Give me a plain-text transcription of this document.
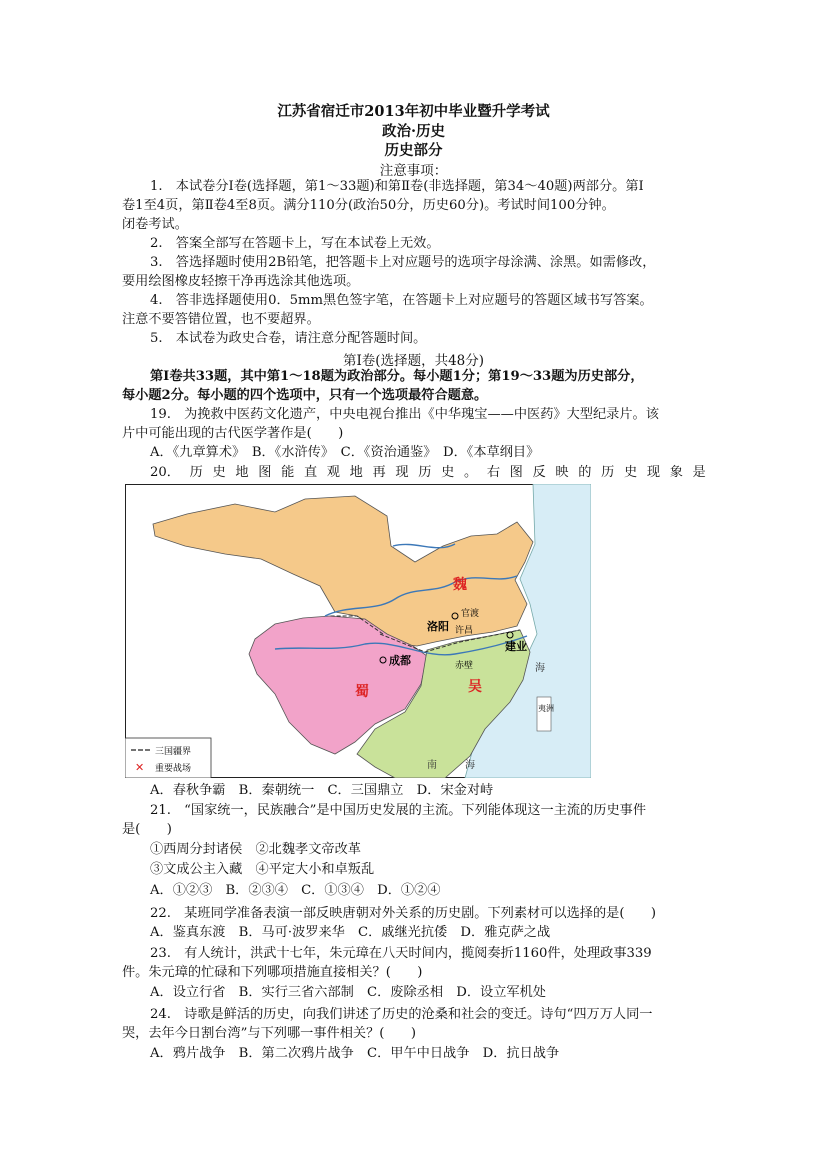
江苏省宿迁市2013年初中毕业暨升学考试
政治·历史
历史部分
注意事项：
1.　本试卷分Ⅰ卷(选择题，第1～33题)和第Ⅱ卷(非选择题，第34～40题)两部分。第Ⅰ
卷1至4页，第Ⅱ卷4至8页。满分110分(政治50分，历史60分)。考试时间100分钟。
闭卷考试。
2.　答案全部写在答题卡上，写在本试卷上无效。
3.　答选择题时使用2B铅笔，把答题卡上对应题号的选项字母涂满、涂黑。如需修改，
要用绘图橡皮轻擦干净再选涂其他选项。
4.　答非选择题使用0．5mm黑色签字笔，在答题卡上对应题号的答题区域书写答案。
注意不要答错位置，也不要超界。
5.　本试卷为政史合卷，请注意分配答题时间。
第Ⅰ卷(选择题，共48分)
第Ⅰ卷共33题，其中第1～18题为政治部分。每小题1分；第19～33题为历史部分，
每小题2分。每小题的四个选项中，只有一个选项最符合题意。
19.　为挽救中医药文化遗产，中央电视台推出《中华瑰宝——中医药》大型纪录片。该
片中可能出现的古代医学著作是(　　)
A．《九章算术》　B．《水浒传》　C．《资治通鉴》　D．《本草纲目》
20． 历 史 地 图 能 直 观 地 再 现 历 史 。 右 图 反 映 的 历 史 现 象 是
魏
蜀	吴
官渡
洛阳 许昌
成都
建业
赤壁	海
南	海
夷洲
三国疆界
✕ 重要战场
A．春秋争霸　B．秦朝统一　C．三国鼎立　D．宋金对峙
21.　“国家统一，民族融合”是中国历史发展的主流。下列能体现这一主流的历史事件
是(　　)
①西周分封诸侯　②北魏孝文帝改革
③文成公主入藏　④平定大小和卓叛乱
A．①②③　B．②③④　C．①③④　D．①②④
22.　某班同学准备表演一部反映唐朝对外关系的历史剧。下列素材可以选择的是(　　)
A．鉴真东渡　B．马可·波罗来华　C．戚继光抗倭　D．雅克萨之战
23.　有人统计，洪武十七年，朱元璋在八天时间内，揽阅奏折1160件，处理政事339
件。朱元璋的忙碌和下列哪项措施直接相关？(　　)
A．设立行省　B．实行三省六部制　C．废除丞相　D．设立军机处
24.　诗歌是鲜活的历史，向我们讲述了历史的沧桑和社会的变迁。诗句“四万万人同一
哭，去年今日割台湾”与下列哪一事件相关？(　　)
A．鸦片战争　B．第二次鸦片战争　C．甲午中日战争　D．抗日战争
